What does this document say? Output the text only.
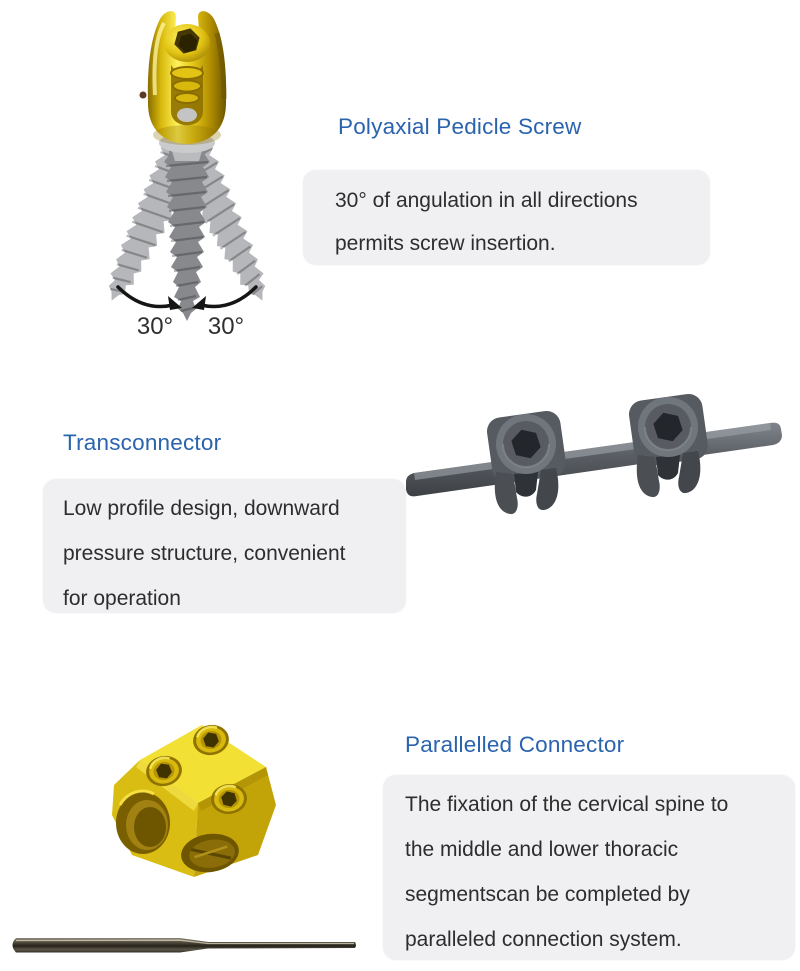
30° 30°
Polyaxial Pedicle Screw
30° of angulation in all directions
permits screw insertion.
Transconnector
Low profile design, downward
pressure structure, convenient
for operation
Parallelled Connector
The fixation of the cervical spine to
the middle and lower thoracic
segmentscan be completed by
paralleled connection system.
